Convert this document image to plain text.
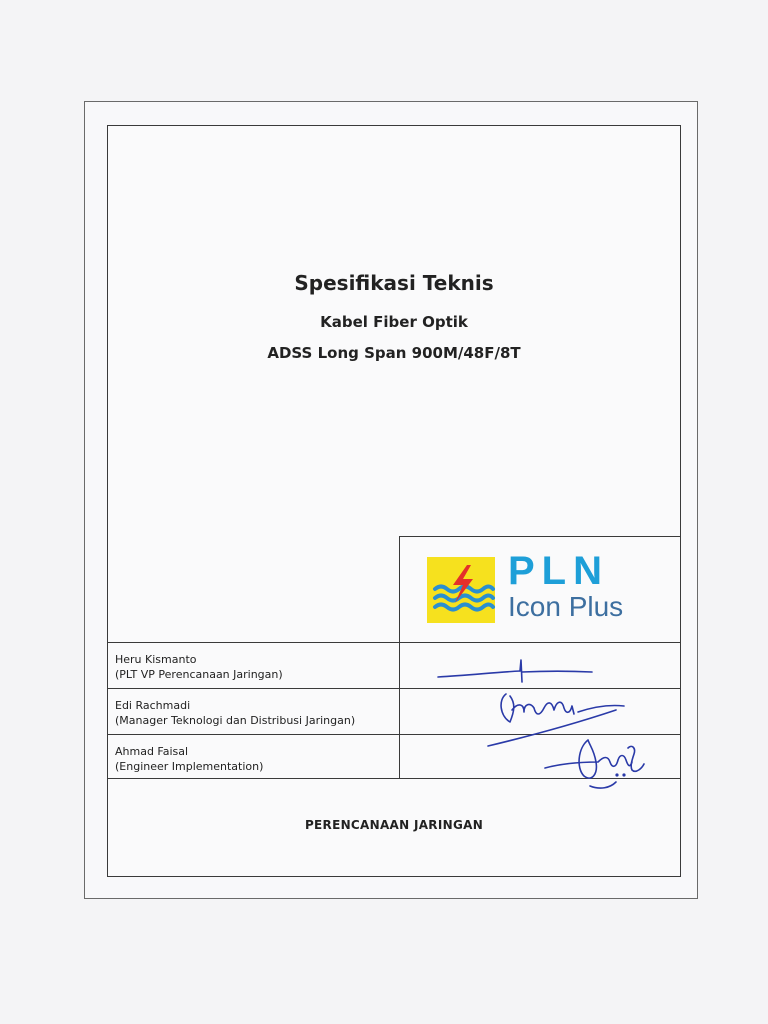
Spesifikasi Teknis
Kabel Fiber Optik
ADSS Long Span 900M/48F/8T
PLN
Icon Plus
Heru Kismanto
(PLT VP Perencanaan Jaringan)
Edi Rachmadi
(Manager Teknologi dan Distribusi Jaringan)
Ahmad Faisal
(Engineer Implementation)
PERENCANAAN JARINGAN
